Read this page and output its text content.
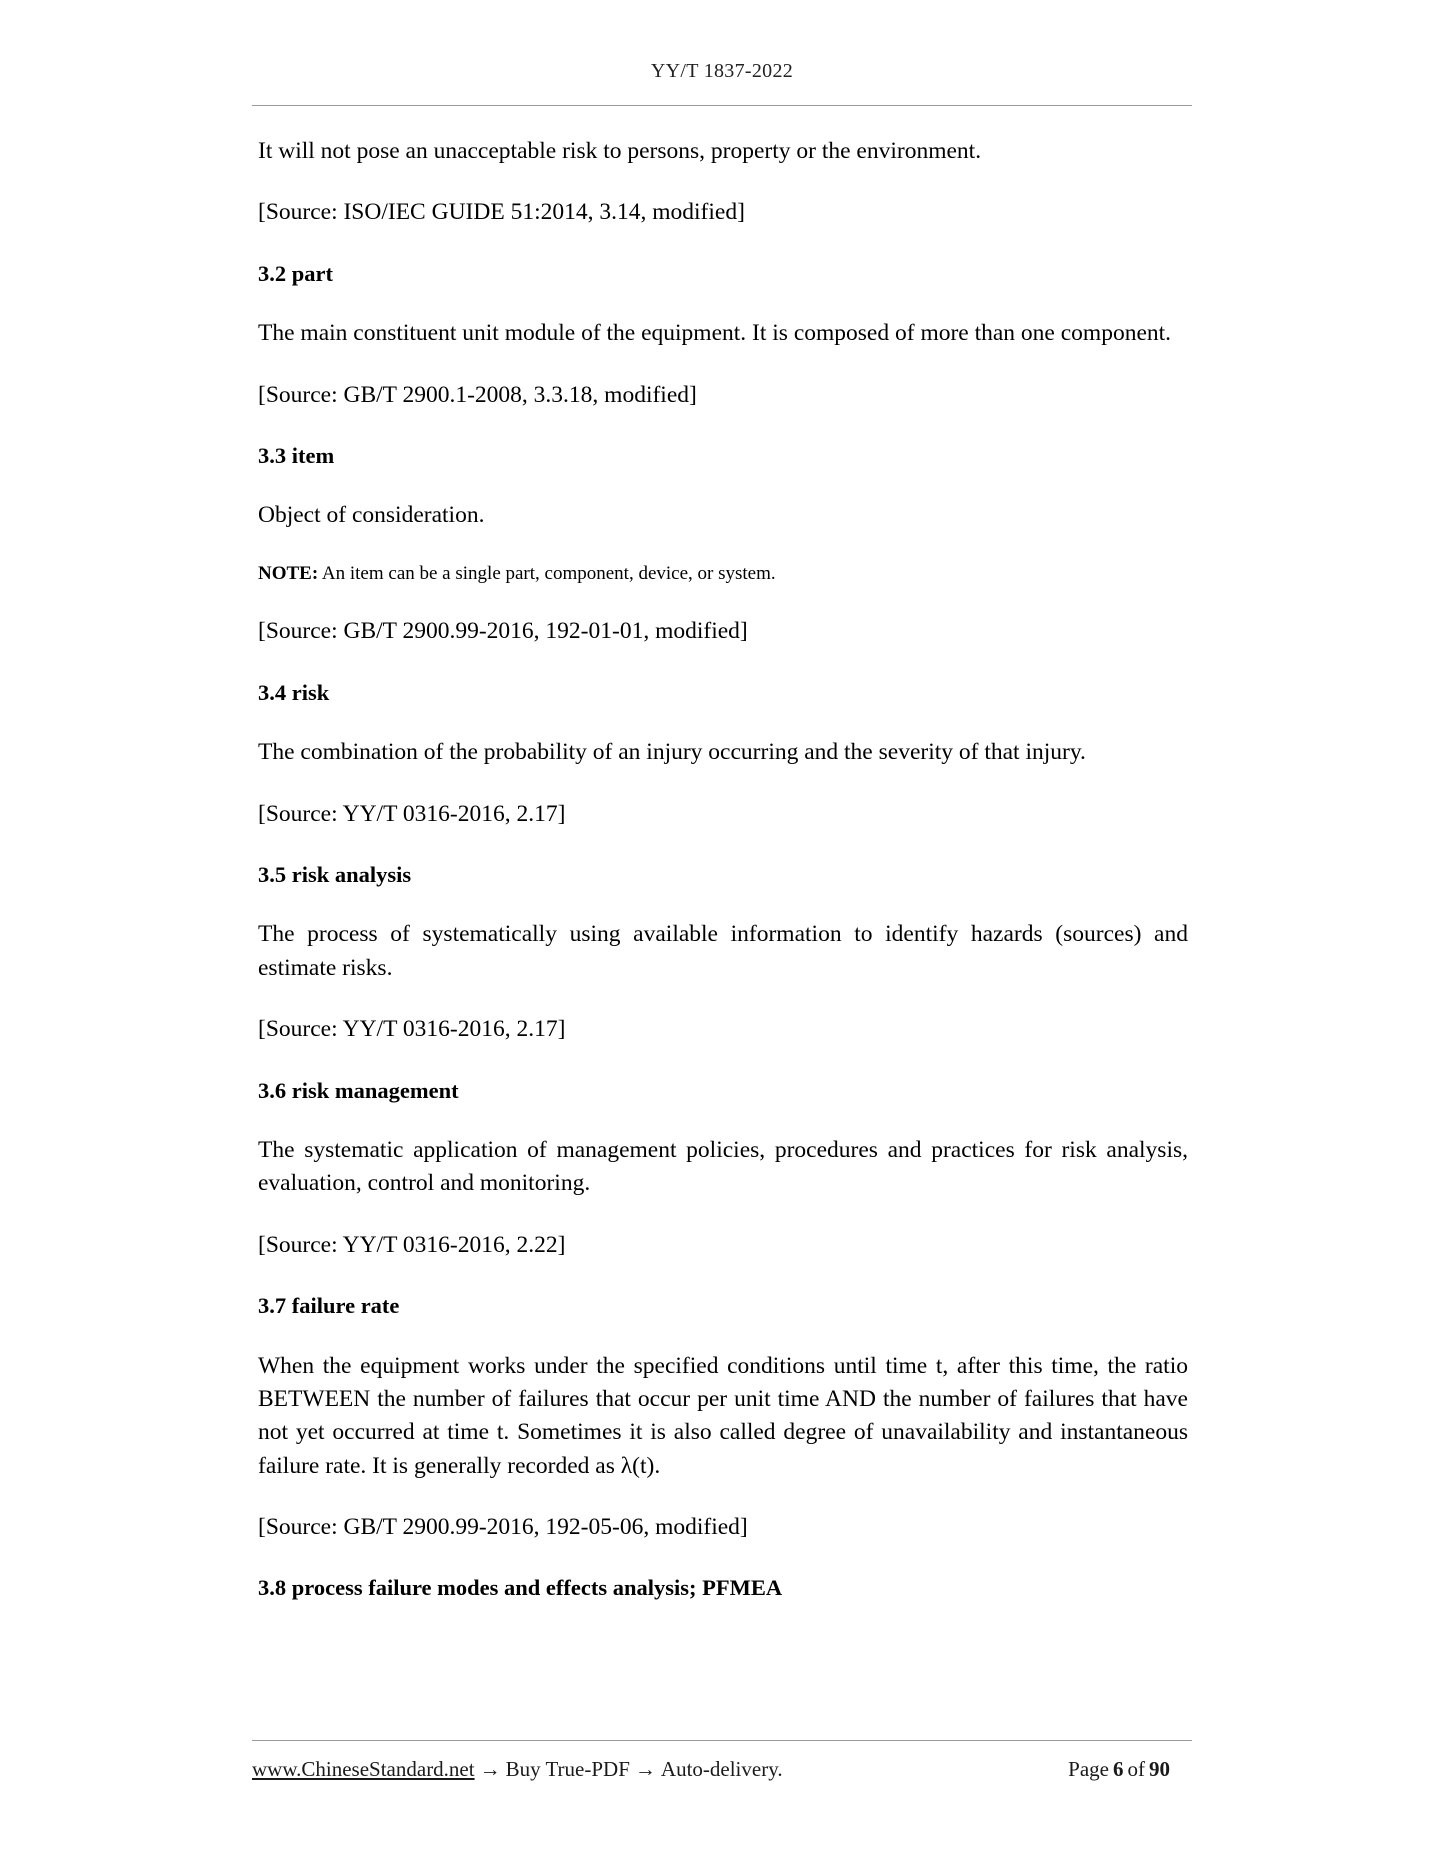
YY/T 1837-2022

It will not pose an unacceptable risk to persons, property or the environment.

[Source: ISO/IEC GUIDE 51:2014, 3.14, modified]

3.2 part

The main constituent unit module of the equipment. It is composed of more than one component.

[Source: GB/T 2900.1-2008, 3.3.18, modified]

3.3 item

Object of consideration.

NOTE: An item can be a single part, component, device, or system.

[Source: GB/T 2900.99-2016, 192-01-01, modified]

3.4 risk

The combination of the probability of an injury occurring and the severity of that injury.

[Source: YY/T 0316-2016, 2.17]

3.5 risk analysis

The process of systematically using available information to identify hazards (sources) and estimate risks.

[Source: YY/T 0316-2016, 2.17]

3.6 risk management

The systematic application of management policies, procedures and practices for risk analysis, evaluation, control and monitoring.

[Source: YY/T 0316-2016, 2.22]

3.7 failure rate

When the equipment works under the specified conditions until time t, after this time, the ratio BETWEEN the number of failures that occur per unit time AND the number of failures that have not yet occurred at time t. Sometimes it is also called degree of unavailability and instantaneous failure rate. It is generally recorded as λ(t).

[Source: GB/T 2900.99-2016, 192-05-06, modified]

3.8 process failure modes and effects analysis; PFMEA

www.ChineseStandard.net → Buy True-PDF → Auto-delivery.	Page 6 of 90
